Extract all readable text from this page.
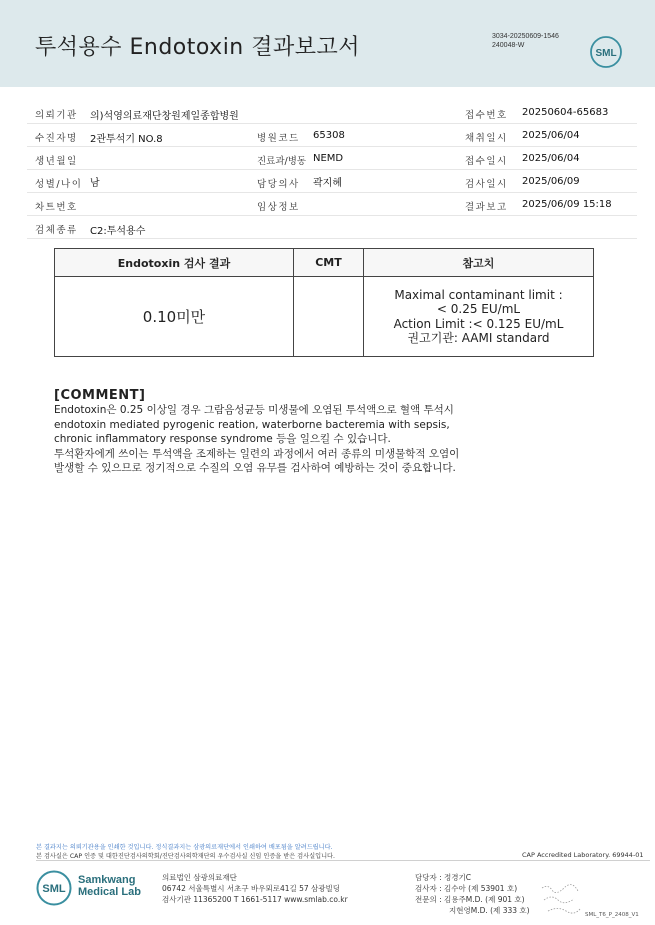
투석용수 Endotoxin 결과보고서	3034-20250609-1546
240048-W
SML
의뢰기관 의)석영의료재단창원제일종합병원	접수번호 20250604-65683
수진자명 2관투석기 NO.8	병원코드 65308	채취일시 2025/06/04
생년월일	진료과/병동 NEMD	접수일시 2025/06/04
성별/나이 남	담당의사 곽지혜	검사일시 2025/06/09
차트번호	임상정보	결과보고 2025/06/09 15:18
검체종류 C2:투석용수
Endotoxin 검사 결과	CMT	참고치
0.10미만		Maximal contaminant limit :
< 0.25 EU/mL
Action Limit :< 0.125 EU/mL
권고기관: AAMI standard
[COMMENT]
Endotoxin은 0.25 이상일 경우 그람음성균등 미생물에 오염된 투석액으로 혈액 투석시
endotoxin mediated pyrogenic reation, waterborne bacteremia with sepsis,
chronic inflammatory response syndrome 등을 일으킬 수 있습니다.
투석환자에게 쓰이는 투석액을 조제하는 일련의 과정에서 여러 종류의 미생물학적 오염이
발생할 수 있으므로 정기적으로 수질의 오염 유무를 검사하여 예방하는 것이 중요합니다.
본 결과지는 의뢰기관용을 인쇄한 것입니다. 정식결과지는 삼광의료재단에서 인쇄하여 배포됨을 알려드립니다.
본 검사실은 CAP 인증 및 대한진단검사의학회/진단검사의학재단의 우수검사실 신임 인증을 받은 검사실입니다.	CAP Accredited Laboratory. 69944-01
SML
Samkwang
Medical Lab
의료법인 삼광의료재단
06742 서울특별시 서초구 바우뫼로41길 57 삼광빌딩
검사기관 11365200 T 1661-5117 www.smlab.co.kr
담당자 : 정경기C
검사자 : 김수아 (제 53901 호)
전문의 : 김용주M.D. (제 901 호)
지현영M.D. (제 333 호)	SML_T6_P_2408_V1
